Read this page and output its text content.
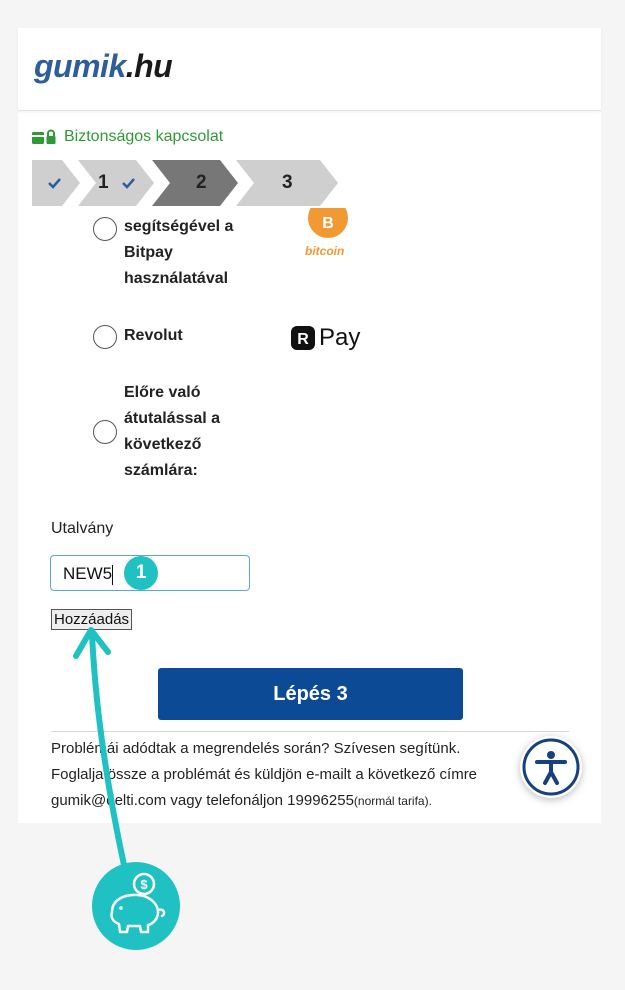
gumik.hu
Biztonságos kapcsolat
1	2	3
segítségével a
Bitpay
használatával
B
bitcoin
Revolut	R Pay
Előre való
átutalással a
következő
számlára:
Utalvány
NEW5
Hozzáadás
Lépés 3
Problémái adódtak a megrendelés során? Szívesen segítünk.
Foglalja össze a problémát és küldjön e-mailt a következő címre
gumik@delti.com vagy telefonáljon 19996255(normál tarifa).
1
$
